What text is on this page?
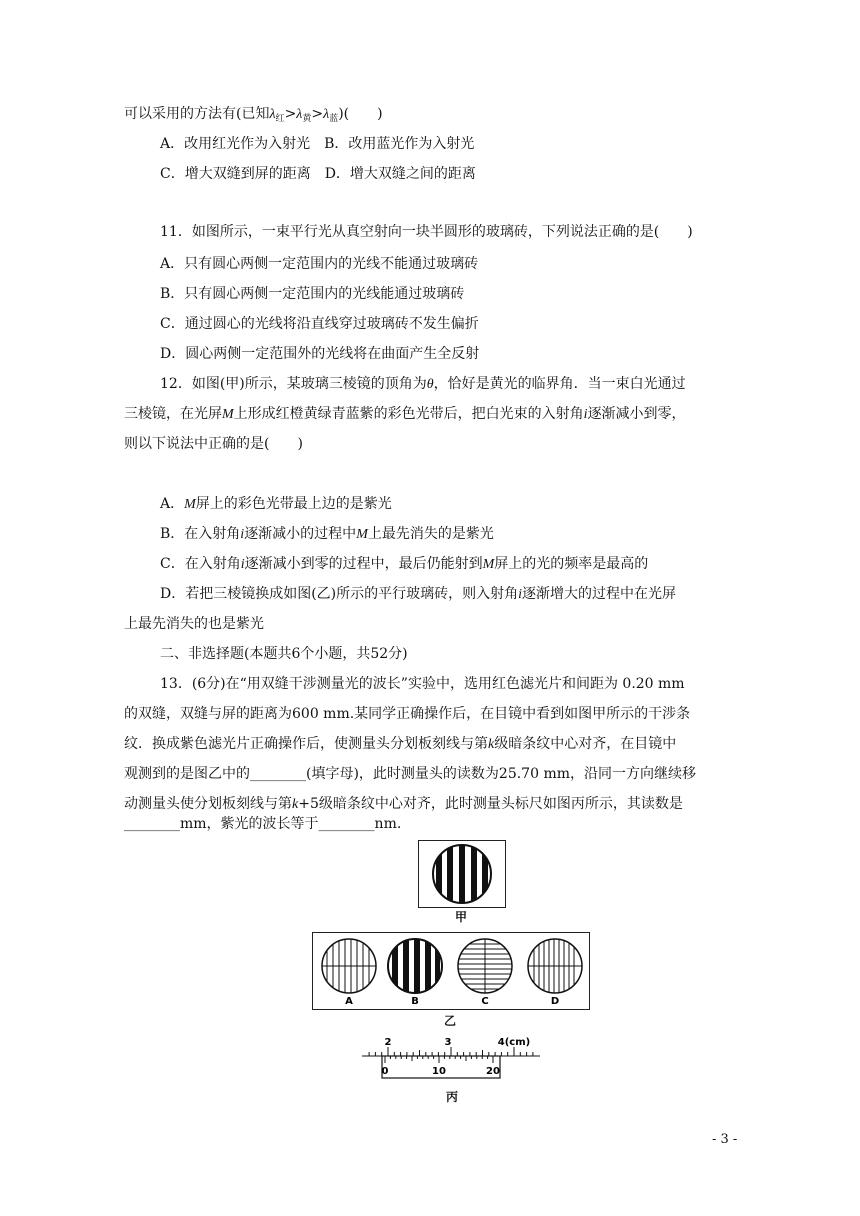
可以采用的方法有(已知$\lambda_红>\lambda_黄>\lambda_蓝$)(　　)
A．改用红光作为入射光　B．改用蓝光作为入射光
C．增大双缝到屏的距离　D．增大双缝之间的距离
11．如图所示，一束平行光从真空射向一块半圆形的玻璃砖，下列说法正确的是(　　)
A．只有圆心两侧一定范围内的光线不能通过玻璃砖
B．只有圆心两侧一定范围内的光线能通过玻璃砖
C．通过圆心的光线将沿直线穿过玻璃砖不发生偏折
D．圆心两侧一定范围外的光线将在曲面产生全反射
12．如图(甲)所示，某玻璃三棱镜的顶角为θ，恰好是黄光的临界角．当一束白光通过
三棱镜，在光屏M上形成红橙黄绿青蓝紫的彩色光带后，把白光束的入射角i逐渐减小到零，
则以下说法中正确的是(　　)
A．M屏上的彩色光带最上边的是紫光
B．在入射角i逐渐减小的过程中M上最先消失的是紫光
C．在入射角i逐渐减小到零的过程中，最后仍能射到M屏上的光的频率是最高的
D．若把三棱镜换成如图(乙)所示的平行玻璃砖，则入射角i逐渐增大的过程中在光屏
上最先消失的也是紫光
二、非选择题(本题共6个小题，共52分)
13．(6分)在“用双缝干涉测量光的波长”实验中，选用红色滤光片和间距为 0.20 mm
的双缝，双缝与屏的距离为600 mm.某同学正确操作后，在目镜中看到如图甲所示的干涉条
纹．换成紫色滤光片正确操作后，使测量头分划板刻线与第k级暗条纹中心对齐，在目镜中
观测到的是图乙中的________(填字母)，此时测量头的读数为25.70 mm，沿同一方向继续移
动测量头使分划板刻线与第k+5级暗条纹中心对齐，此时测量头标尺如图丙所示，其读数是
________mm，紫光的波长等于________nm.
甲
A	B	C	D
乙
2	3	4(cm)
0	10	20
丙
- 3 -
